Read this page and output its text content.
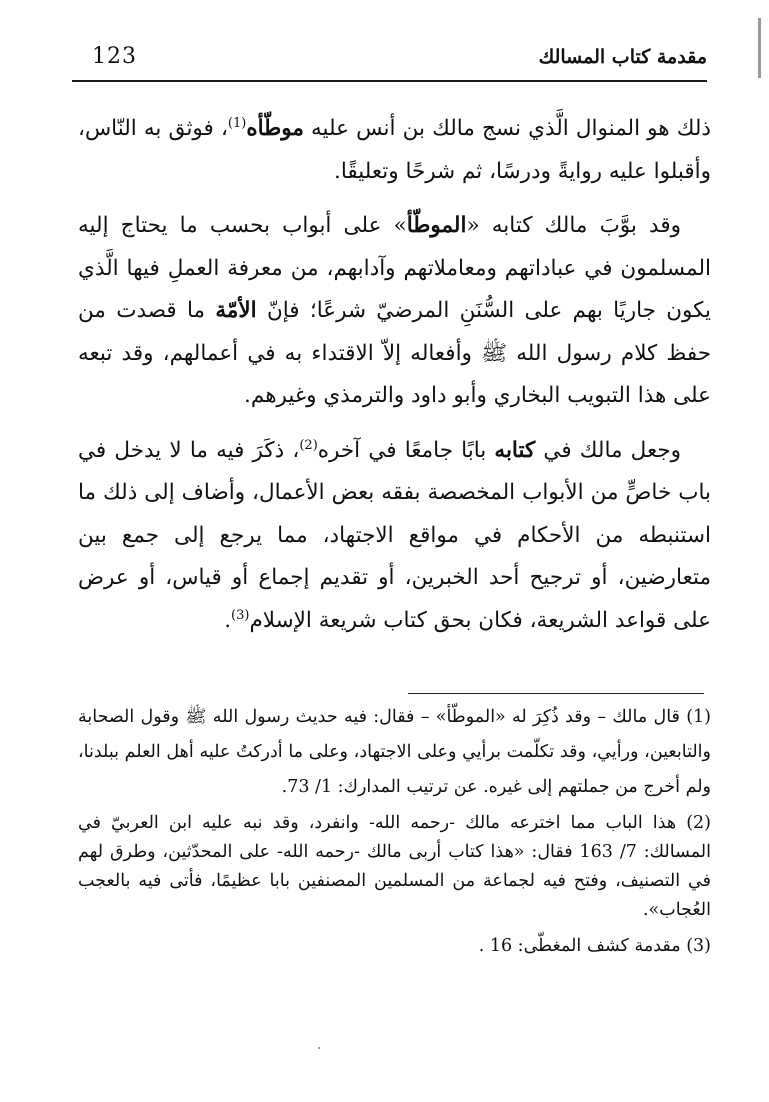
123	مقدمة كتاب المسالك

ذلك هو المنوال الَّذي نسج مالك بن أنس عليه موطّأه$^{(1)}$، فوثق به النّاس، وأقبلوا عليه روايةً ودرسًا، ثم شرحًا وتعليقًا.

وقد بوَّبَ مالك كتابه «الموطّأ» على أبواب بحسب ما يحتاج إليه المسلمون في عباداتهم ومعاملاتهم وآدابهم، من معرفة العملِ فيها الَّذي يكون جاريًا بهم على السُّنَنِ المرضيّ شرعًا؛ فإنّ الأمّة ما قصدت من حفظ كلام رسول الله ﷺ وأفعاله إلاّ الاقتداء به في أعمالهم، وقد تبعه على هذا التبويب البخاري وأبو داود والترمذي وغيرهم.

وجعل مالك في كتابه بابًا جامعًا في آخره$^{(2)}$، ذكَرَ فيه ما لا يدخل في باب خاصٍّ من الأبواب المخصصة بفقه بعض الأعمال، وأضاف إلى ذلك ما استنبطه من الأحكام في مواقع الاجتهاد، مما يرجع إلى جمع بين متعارضين، أو ترجيح أحد الخبرين، أو تقديم إجماع أو قياس، أو عرض على قواعد الشريعة، فكان بحق كتاب شريعة الإسلام$^{(3)}$.

(1) قال مالك – وقد ذُكِرَ له «الموطّأ» – فقال: فيه حديث رسول الله ﷺ وقول الصحابة والتابعين، ورأيي، وقد تكلّمت برأيي وعلى الاجتهاد، وعلى ما أدركتُ عليه أهل العلم ببلدنا، ولم أخرج من جملتهم إلى غيره. عن ترتيب المدارك: 1/ 73.

(2) هذا الباب مما اخترعه مالك -رحمه الله- وانفرد، وقد نبه عليه ابن العربيّ في المسالك: 7/ 163 فقال: «هذا كتاب أربى مالك -رحمه الله- على المحدّثين، وطرق لهم في التصنيف، وفتح فيه لجماعة من المسلمين المصنفين بابا عظيمًا، فأتى فيه بالعجب العُجاب».

(3) مقدمة كشف المغطّى: 16 .
